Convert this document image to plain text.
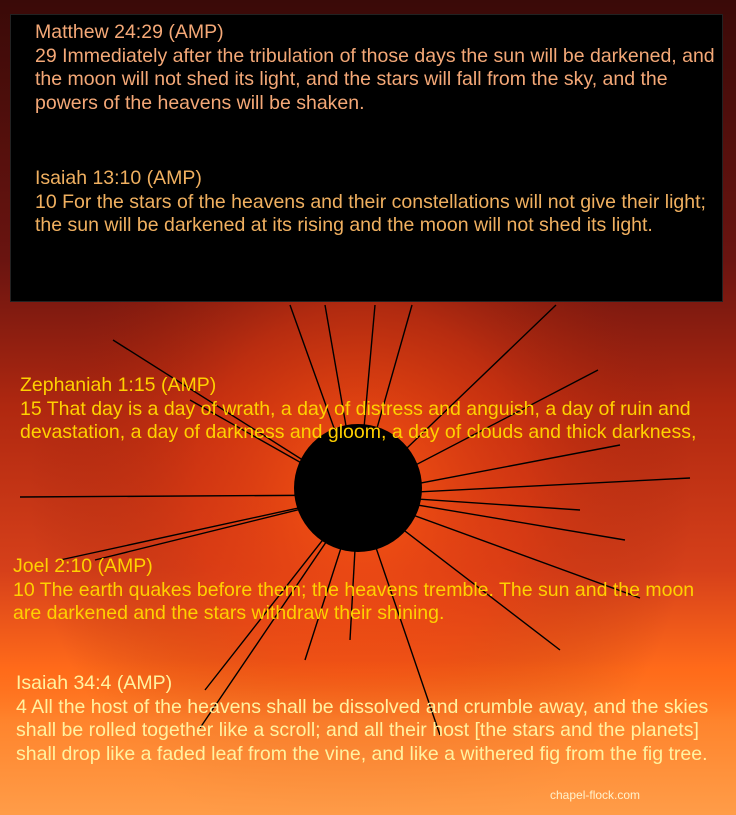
Matthew 24:29 (AMP)
29 Immediately after the tribulation of those days the sun will be darkened, and the moon will not shed its light, and the stars will fall from the sky, and the powers of the heavens will be shaken.
Isaiah 13:10 (AMP)
10 For the stars of the heavens and their constellations will not give their light; the sun will be darkened at its rising and the moon will not shed its light.
Zephaniah 1:15 (AMP)
15 That day is a day of wrath, a day of distress and anguish, a day of ruin and devastation, a day of darkness and gloom, a day of clouds and thick darkness,
Joel 2:10 (AMP)
10 The earth quakes before them; the heavens tremble. The sun and the moon are darkened and the stars withdraw their shining.
Isaiah 34:4 (AMP)
4 All the host of the heavens shall be dissolved and crumble away, and the skies shall be rolled together like a scroll; and all their host [the stars and the planets] shall drop like a faded leaf from the vine, and like a withered fig from the fig tree.
chapel-flock.com
